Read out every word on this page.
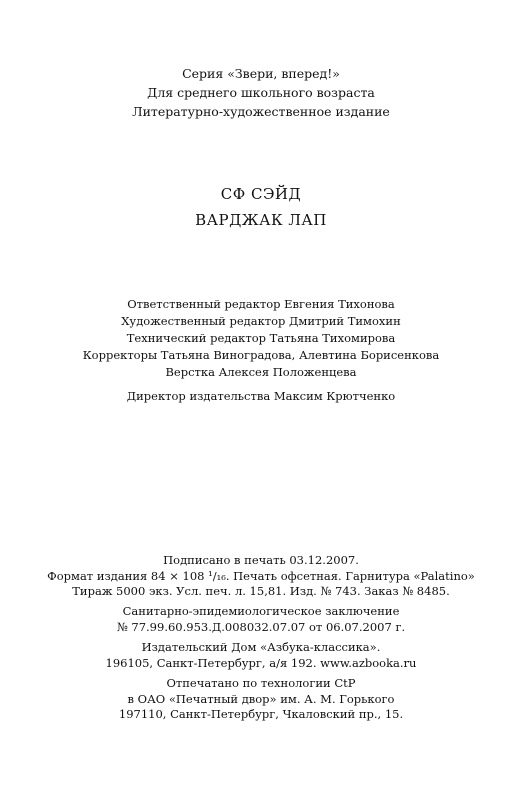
Серия «Звери, вперед!»
Для среднего школьного возраста
Литературно-художественное издание
СФ СЭЙД
ВАРДЖАК ЛАП
Ответственный редактор Евгения Тихонова
Художественный редактор Дмитрий Тимохин
Технический редактор Татьяна Тихомирова
Корректоры Татьяна Виноградова, Алевтина Борисенкова
Верстка Алексея Положенцева
Директор издательства Максим Крютченко
Подписано в печать 03.12.2007.
Формат издания 84 × 108 ¹/₁₆. Печать офсетная. Гарнитура «Palatino»
Тираж 5000 экз. Усл. печ. л. 15,81. Изд. № 743. Заказ № 8485.
Санитарно-эпидемиологическое заключение
№ 77.99.60.953.Д.008032.07.07 от 06.07.2007 г.
Издательский Дом «Азбука-классика».
196105, Санкт-Петербург, а/я 192. www.azbooka.ru
Отпечатано по технологии CtP
в ОАО «Печатный двор» им. А. М. Горького
197110, Санкт-Петербург, Чкаловский пр., 15.
